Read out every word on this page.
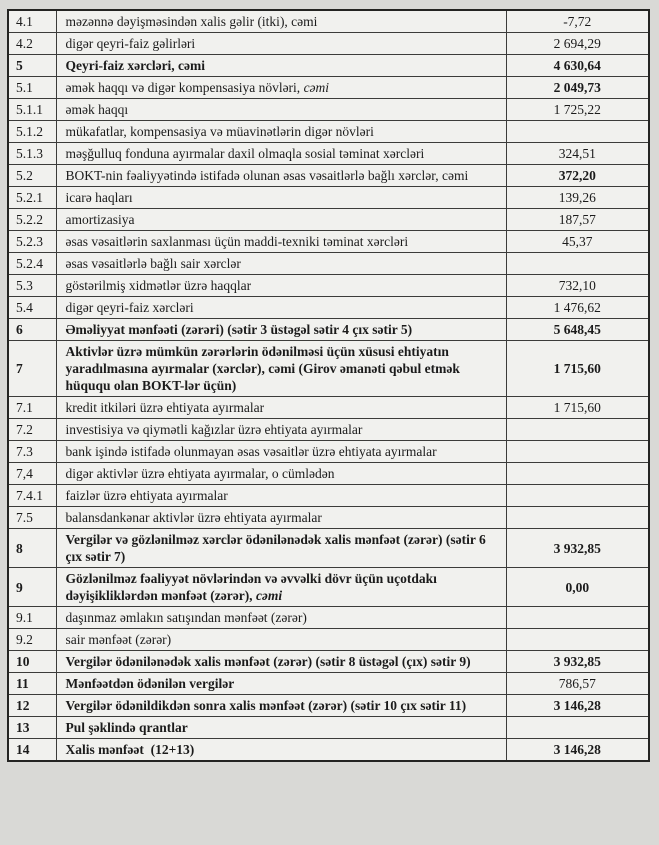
4.1	məzənnə dəyişməsindən xalis gəlir (itki), cəmi	-7,72
4.2	digər qeyri-faiz gəlirləri	2 694,29
5	Qeyri-faiz xərcləri, cəmi	4 630,64
5.1	əmək haqqı və digər kompensasiya növləri, cəmi	2 049,73
5.1.1	əmək haqqı	1 725,22
5.1.2	mükafatlar, kompensasiya və müavinətlərin digər növləri	
5.1.3	məşğulluq fonduna ayırmalar daxil olmaqla sosial təminat xərcləri	324,51
5.2	BOKT-nin fəaliyyətində istifadə olunan əsas vəsaitlərlə bağlı xərclər, cəmi	372,20
5.2.1	icarə haqları	139,26
5.2.2	amortizasiya	187,57
5.2.3	əsas vəsaitlərin saxlanması üçün maddi-texniki təminat xərcləri	45,37
5.2.4	əsas vəsaitlərlə bağlı sair xərclər	
5.3	göstərilmiş xidmətlər üzrə haqqlar	732,10
5.4	digər qeyri-faiz xərcləri	1 476,62
6	Əməliyyat mənfəəti (zərəri) (sətir 3 üstəgəl sətir 4 çıx sətir 5)	5 648,45
7	Aktivlər üzrə mümkün zərərlərin ödənilməsi üçün xüsusi ehtiyatın yaradılmasına ayırmalar (xərclər), cəmi (Girov əmanəti qəbul etmək hüququ olan BOKT-lər üçün)	1 715,60
7.1	kredit itkiləri üzrə ehtiyata ayırmalar	1 715,60
7.2	investisiya və qiymətli kağızlar üzrə ehtiyata ayırmalar	
7.3	bank işində istifadə olunmayan əsas vəsaitlər üzrə ehtiyata ayırmalar	
7,4	digər aktivlər üzrə ehtiyata ayırmalar, o cümlədən	
7.4.1	faizlər üzrə ehtiyata ayırmalar	
7.5	balansdankənar aktivlər üzrə ehtiyata ayırmalar	
8	Vergilər və gözlənilməz xərclər ödənilənədək xalis mənfəət (zərər) (sətir 6 çıx sətir 7)	3 932,85
9	Gözlənilməz fəaliyyət növlərindən və əvvəlki dövr üçün uçotdakı dəyişikliklərdən mənfəət (zərər), cəmi	0,00
9.1	daşınmaz əmlakın satışından mənfəət (zərər)	
9.2	sair mənfəət (zərər)	
10	Vergilər ödənilənədək xalis mənfəət (zərər) (sətir 8 üstəgəl (çıx) sətir 9)	3 932,85
11	Mənfəətdən ödənilən vergilər	786,57
12	Vergilər ödənildikdən sonra xalis mənfəət (zərər) (sətir 10 çıx sətir 11)	3 146,28
13	Pul şəklində qrantlar	
14	Xalis mənfəət  (12+13)	3 146,28
